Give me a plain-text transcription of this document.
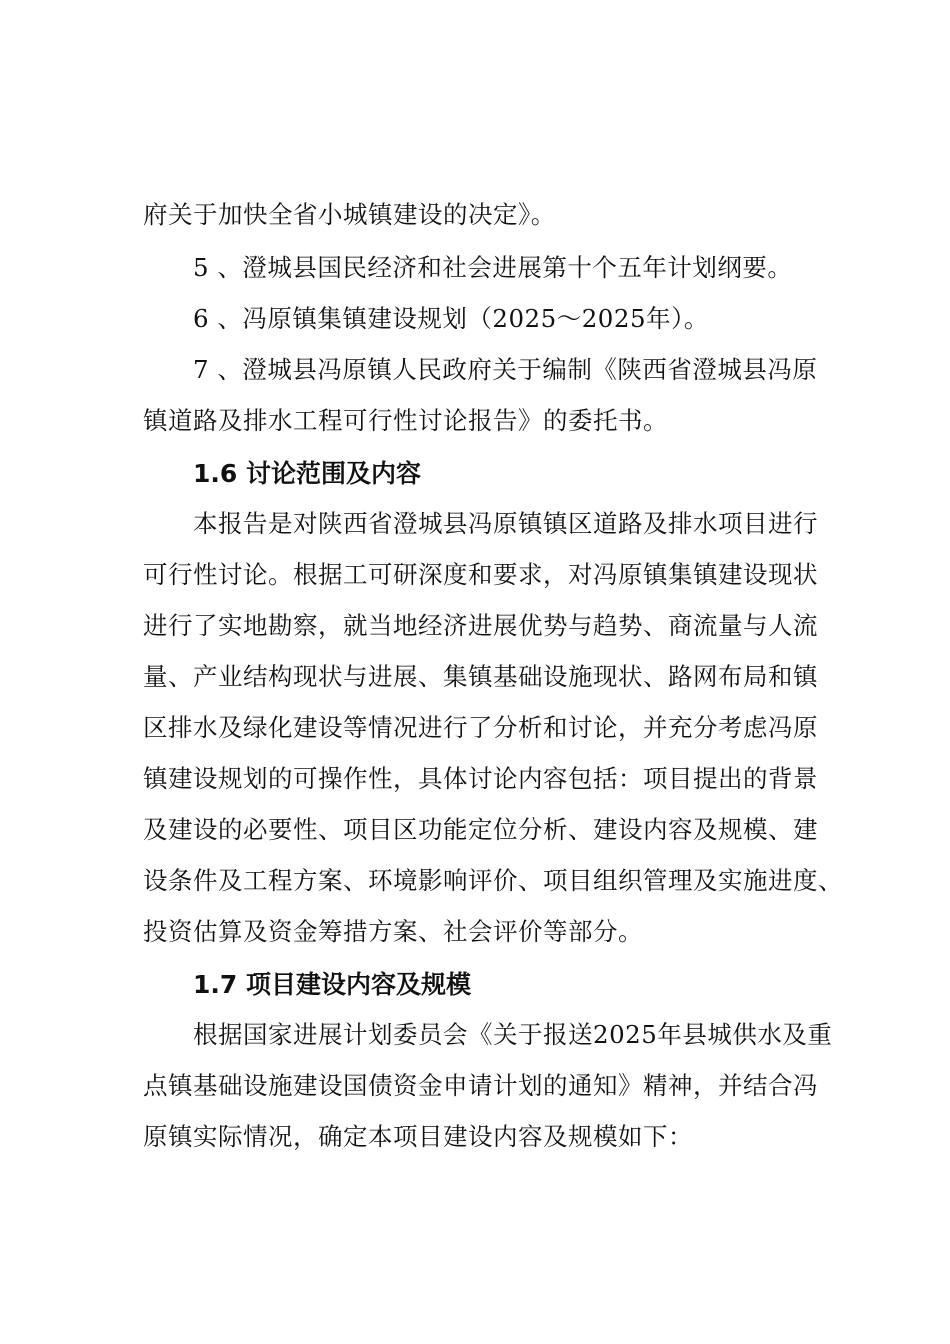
府关于加快全省小城镇建设的决定》。
5 、澄城县国民经济和社会进展第十个五年计划纲要。
6 、冯原镇集镇建设规划（2025～2025年）。
7 、澄城县冯原镇人民政府关于编制《陕西省澄城县冯原
镇道路及排水工程可行性讨论报告》的委托书。
1.6 讨论范围及内容
本报告是对陕西省澄城县冯原镇镇区道路及排水项目进行
可行性讨论。根据工可研深度和要求，对冯原镇集镇建设现状
进行了实地勘察，就当地经济进展优势与趋势、商流量与人流
量、产业结构现状与进展、集镇基础设施现状、路网布局和镇
区排水及绿化建设等情况进行了分析和讨论，并充分考虑冯原
镇建设规划的可操作性，具体讨论内容包括：项目提出的背景
及建设的必要性、项目区功能定位分析、建设内容及规模、建
设条件及工程方案、环境影响评价、项目组织管理及实施进度、
投资估算及资金筹措方案、社会评价等部分。
1.7 项目建设内容及规模
根据国家进展计划委员会《关于报送2025年县城供水及重
点镇基础设施建设国债资金申请计划的通知》精神，并结合冯
原镇实际情况，确定本项目建设内容及规模如下：
